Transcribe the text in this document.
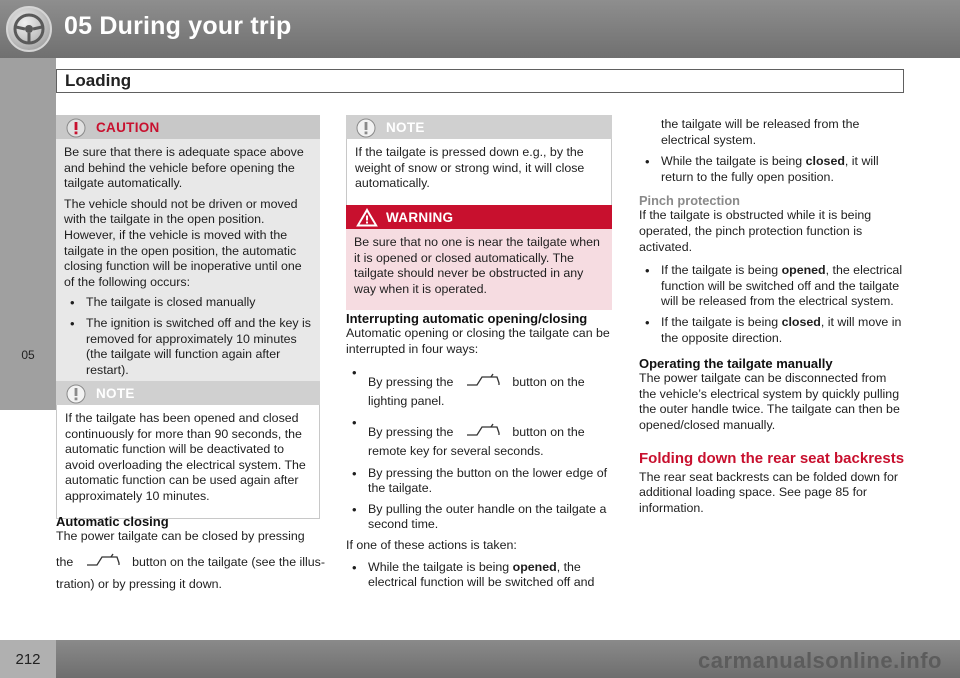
05 During your trip
Loading
05
CAUTION

Be sure that there is adequate space above and behind the vehicle before opening the tailgate automatically.

The vehicle should not be driven or moved with the tailgate in the open position. However, if the vehicle is moved with the tailgate in the open position, the automatic closing function will be inoperative until one of the following occurs:

• The tailgate is closed manually
• The ignition is switched off and the key is removed for approximately 10 minutes (the tailgate will function again after restart).
NOTE

If the tailgate has been opened and closed continuously for more than 90 seconds, the automatic function will be deactivated to avoid overloading the electrical system. The automatic function can be used again after approximately 10 minutes.

Automatic closing
The power tailgate can be closed by pressing
the	button on the tailgate (see the illus-
tration) or by pressing it down.
NOTE

If the tailgate is pressed down e.g., by the weight of snow or strong wind, it will close automatically.

WARNING

Be sure that no one is near the tailgate when it is opened or closed automatically. The tailgate should never be obstructed in any way when it is operated.

Interrupting automatic opening/closing

Automatic opening or closing the tailgate can be interrupted in four ways:

• By pressing the	button on the
lighting panel.
• By pressing the	button on the
remote key for several seconds.
• By pressing the button on the lower edge of the tailgate.
• By pulling the outer handle on the tailgate a second time.

If one of these actions is taken:

• While the tailgate is being opened, the electrical function will be switched off and

the tailgate will be released from the electrical system.

• While the tailgate is being closed, it will return to the fully open position.
Pinch protection

If the tailgate is obstructed while it is being operated, the pinch protection function is activated.

• If the tailgate is being opened, the electrical function will be switched off and the tailgate will be released from the electrical system.
• If the tailgate is being closed, it will move in the opposite direction.
Operating the tailgate manually

The power tailgate can be disconnected from the vehicle’s electrical system by quickly pulling the outer handle twice. The tailgate can then be opened/closed manually.

Folding down the rear seat backrests

The rear seat backrests can be folded down for additional loading space. See page 85 for information.

212	carmanualsonline.info
